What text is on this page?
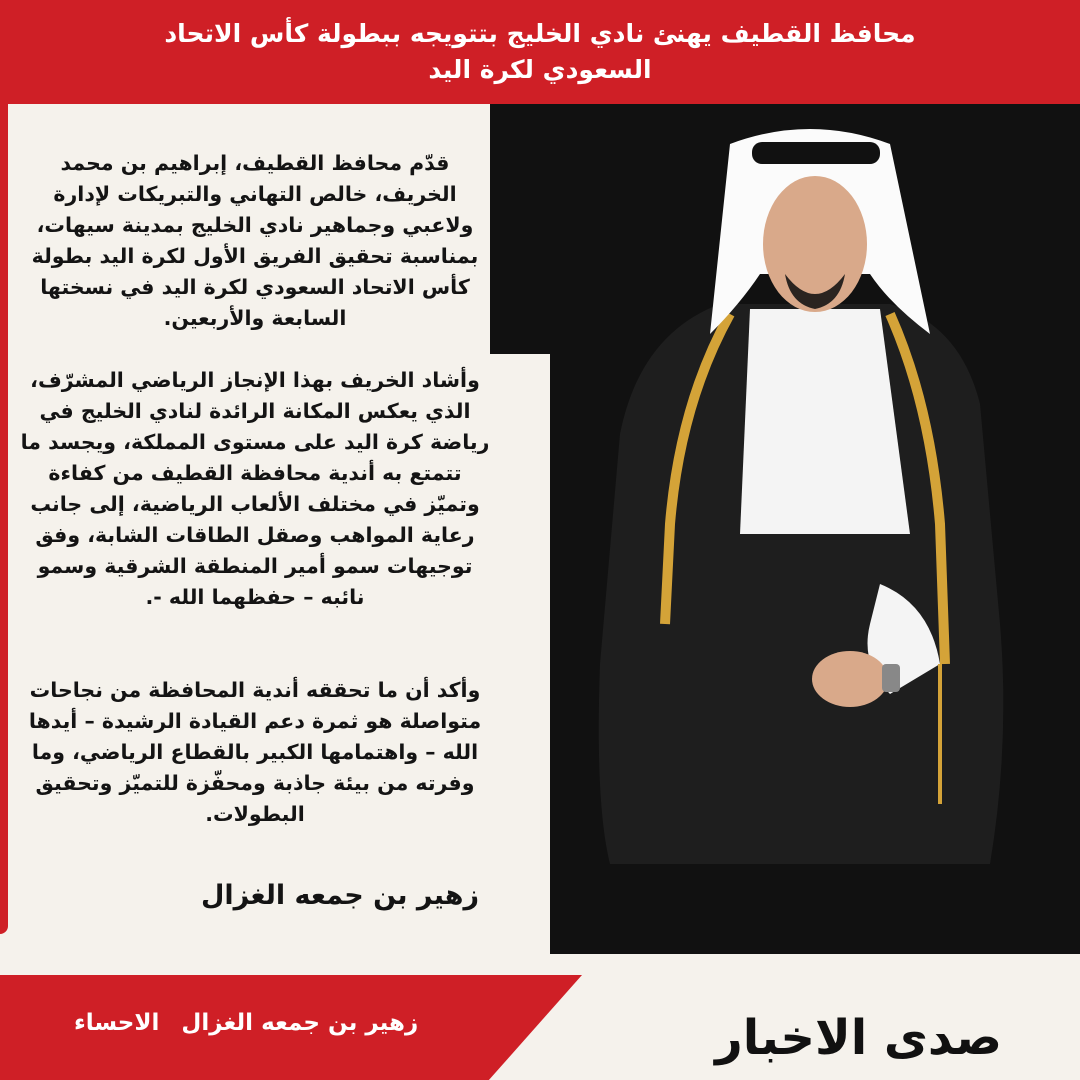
محافظ القطيف يهنئ نادي الخليج بتتويجه ببطولة كأس الاتحاد
السعودي لكرة اليد

قدّم محافظ القطيف، إبراهيم بن محمد الخريف، خالص التهاني والتبريكات لإدارة ولاعبي وجماهير نادي الخليج بمدينة سيهات، بمناسبة تحقيق الفريق الأول لكرة اليد بطولة كأس الاتحاد السعودي لكرة اليد في نسختها السابعة والأربعين.

وأشاد الخريف بهذا الإنجاز الرياضي المشرّف، الذي يعكس المكانة الرائدة لنادي الخليج في رياضة كرة اليد على مستوى المملكة، ويجسد ما تتمتع به أندية محافظة القطيف من كفاءة وتميّز في مختلف الألعاب الرياضية، إلى جانب رعاية المواهب وصقل الطاقات الشابة، وفق توجيهات سمو أمير المنطقة الشرقية وسمو نائبه – حفظهما الله -.

وأكد أن ما تحققه أندية المحافظة من نجاحات متواصلة هو ثمرة دعم القيادة الرشيدة – أيدها الله – واهتمامها الكبير بالقطاع الرياضي، وما وفرته من بيئة جاذبة ومحفّزة للتميّز وتحقيق البطولات.

زهير بن جمعه الغزال
زهير بن جمعه الغزال الاحساء	صدى الاخبار
